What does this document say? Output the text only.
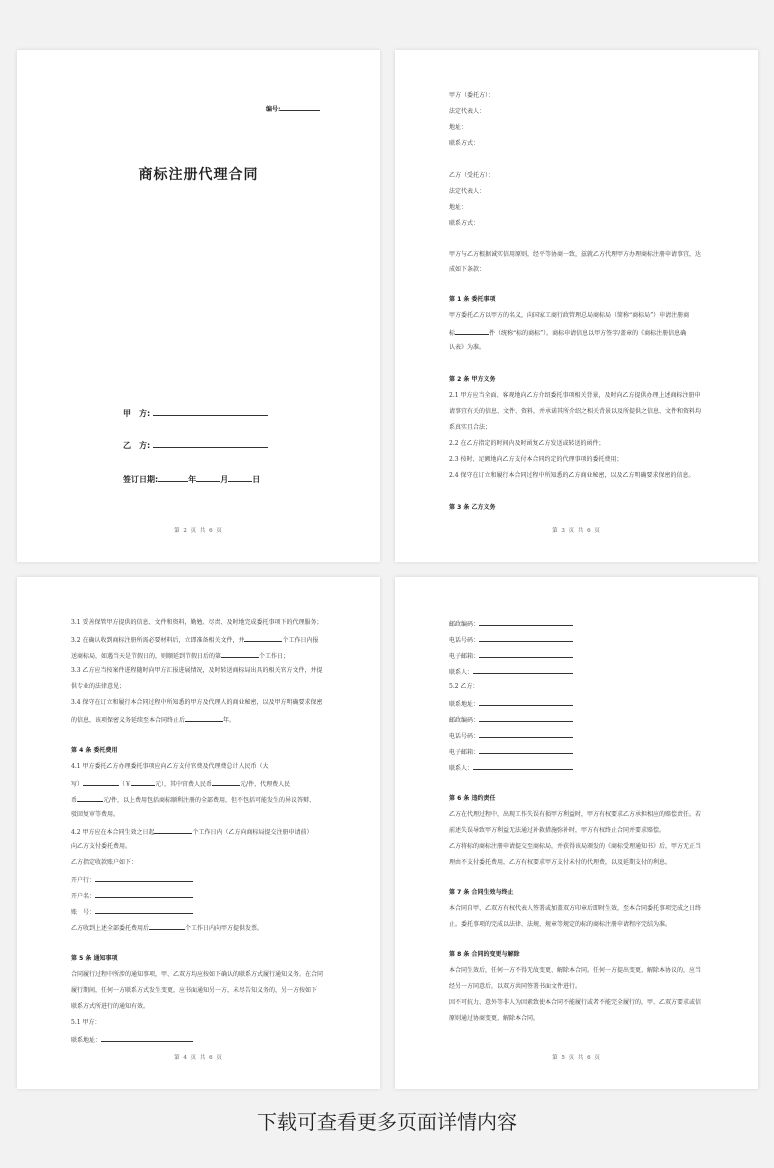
编号:
商标注册代理合同
甲　方:
乙　方:
签订日期:	年	月	日
第 2 页 共 6 页
甲方（委托方）：
法定代表人：
地址：
联系方式：
乙方（受托方）：
法定代表人：
地址：
联系方式：
甲方与乙方根据诚实信用原则，经平等协商一致，兹就乙方代理甲方办理商标注册申请事宜，达
成如下条款：
第 1 条 委托事项
甲方委托乙方以甲方的名义，向国家工商行政管理总局商标局（简称“商标局”）申请注册商
标	件（统称“标的商标”）。商标申请信息以甲方签字/盖章的《商标注册信息确
认表》为准。
第 2 条 甲方义务
2.1 甲方应当全面、客观地向乙方介绍委托事项相关背景，及时向乙方提供办理上述商标注册申
请事宜有关的信息、文件、资料，并承诺其所介绍之相关背景以及所提供之信息、文件和资料均
系真实且合法；
2.2 在乙方指定的时间内及时函复乙方发送或转送的函件；
2.3 按时、足额地向乙方支付本合同约定的代理事项的委托费用；
2.4 保守在订立和履行本合同过程中所知悉的乙方商业秘密，以及乙方明确要求保密的信息。
第 3 条 乙方义务
第 3 页 共 6 页
3.1 妥善保管甲方提供的信息、文件和资料，勤勉、尽责、及时地完成委托事项下的代理服务；
3.2 在确认收到商标注册所需必要材料后，立即准备相关文件，并	个工作日内报
送商标局，如遇当天是节假日的，则顺延到节假日后的第	个工作日；
3.3 乙方应当按案件进程随时向甲方汇报进展情况，及时转送商标局出具的相关官方文件，并提
供专业的法律意见；
3.4 保守在订立和履行本合同过程中所知悉的甲方及代理人的商业秘密，以及甲方明确要求保密
的信息，该项保密义务延续至本合同终止后	年。
第 4 条 委托费用
4.1 甲方委托乙方办理委托事项应向乙方支付官费及代理费总计人民币（大
写）	（￥	元），其中官费人民币	元/件，代理费人民
币	元/件，以上费用包括商标顺利注册的全部费用，但不包括可能发生的异议答辩、
驳回复审等费用。
4.2 甲方应在本合同生效之日起	个工作日内（乙方向商标局提交注册申请前）
向乙方支付委托费用。
乙方指定收款账户如下：
开户行：
开户名：
账　号：
乙方收到上述全部委托费用后	个工作日内向甲方提供发票。
第 5 条 通知事项
合同履行过程中所涉的通知事项，甲、乙双方均应按如下确认的联系方式履行通知义务。在合同
履行期间，任何一方联系方式发生变更，应书面通知另一方，未尽告知义务的，另一方按如下
联系方式所进行的通知有效。
5.1 甲方：
联系地址：
第 4 页 共 6 页
邮政编码：
电话号码：
电子邮箱：
联系人：
5.2 乙方：
联系地址：
邮政编码：
电话号码：
电子邮箱：
联系人：
第 6 条 违约责任
乙方在代理过程中，出现工作失误有损甲方利益时，甲方有权要求乙方承担相应的赔偿责任。若
前述失误导致甲方利益无法通过补救措施弥补时，甲方有权终止合同并要求赔偿。
乙方将标的商标注册申请提交至商标局，并获得该局颁发的《商标受理通知书》后，甲方无正当
理由不支付委托费用，乙方有权要求甲方支付未付的代理费，以及延期支付的利息。
第 7 条 合同生效与终止
本合同自甲、乙双方有权代表人签署或加盖双方印章后即时生效，至本合同委托事项完成之日终
止。委托事项的完成以法律、法规、规章等规定的标的商标注册申请程序完结为准。
第 8 条 合同的变更与解除
本合同生效后，任何一方不得无故变更、解除本合同。任何一方提出变更、解除本协议的，应当
经另一方同意后，以双方共同签署书面文件进行。
因不可抗力、意外等非人为因素致使本合同不能履行或者不能完全履行的，甲、乙双方要求或信
原则通过协商变更、解除本合同。
第 5 页 共 6 页
下载可查看更多页面详情内容
